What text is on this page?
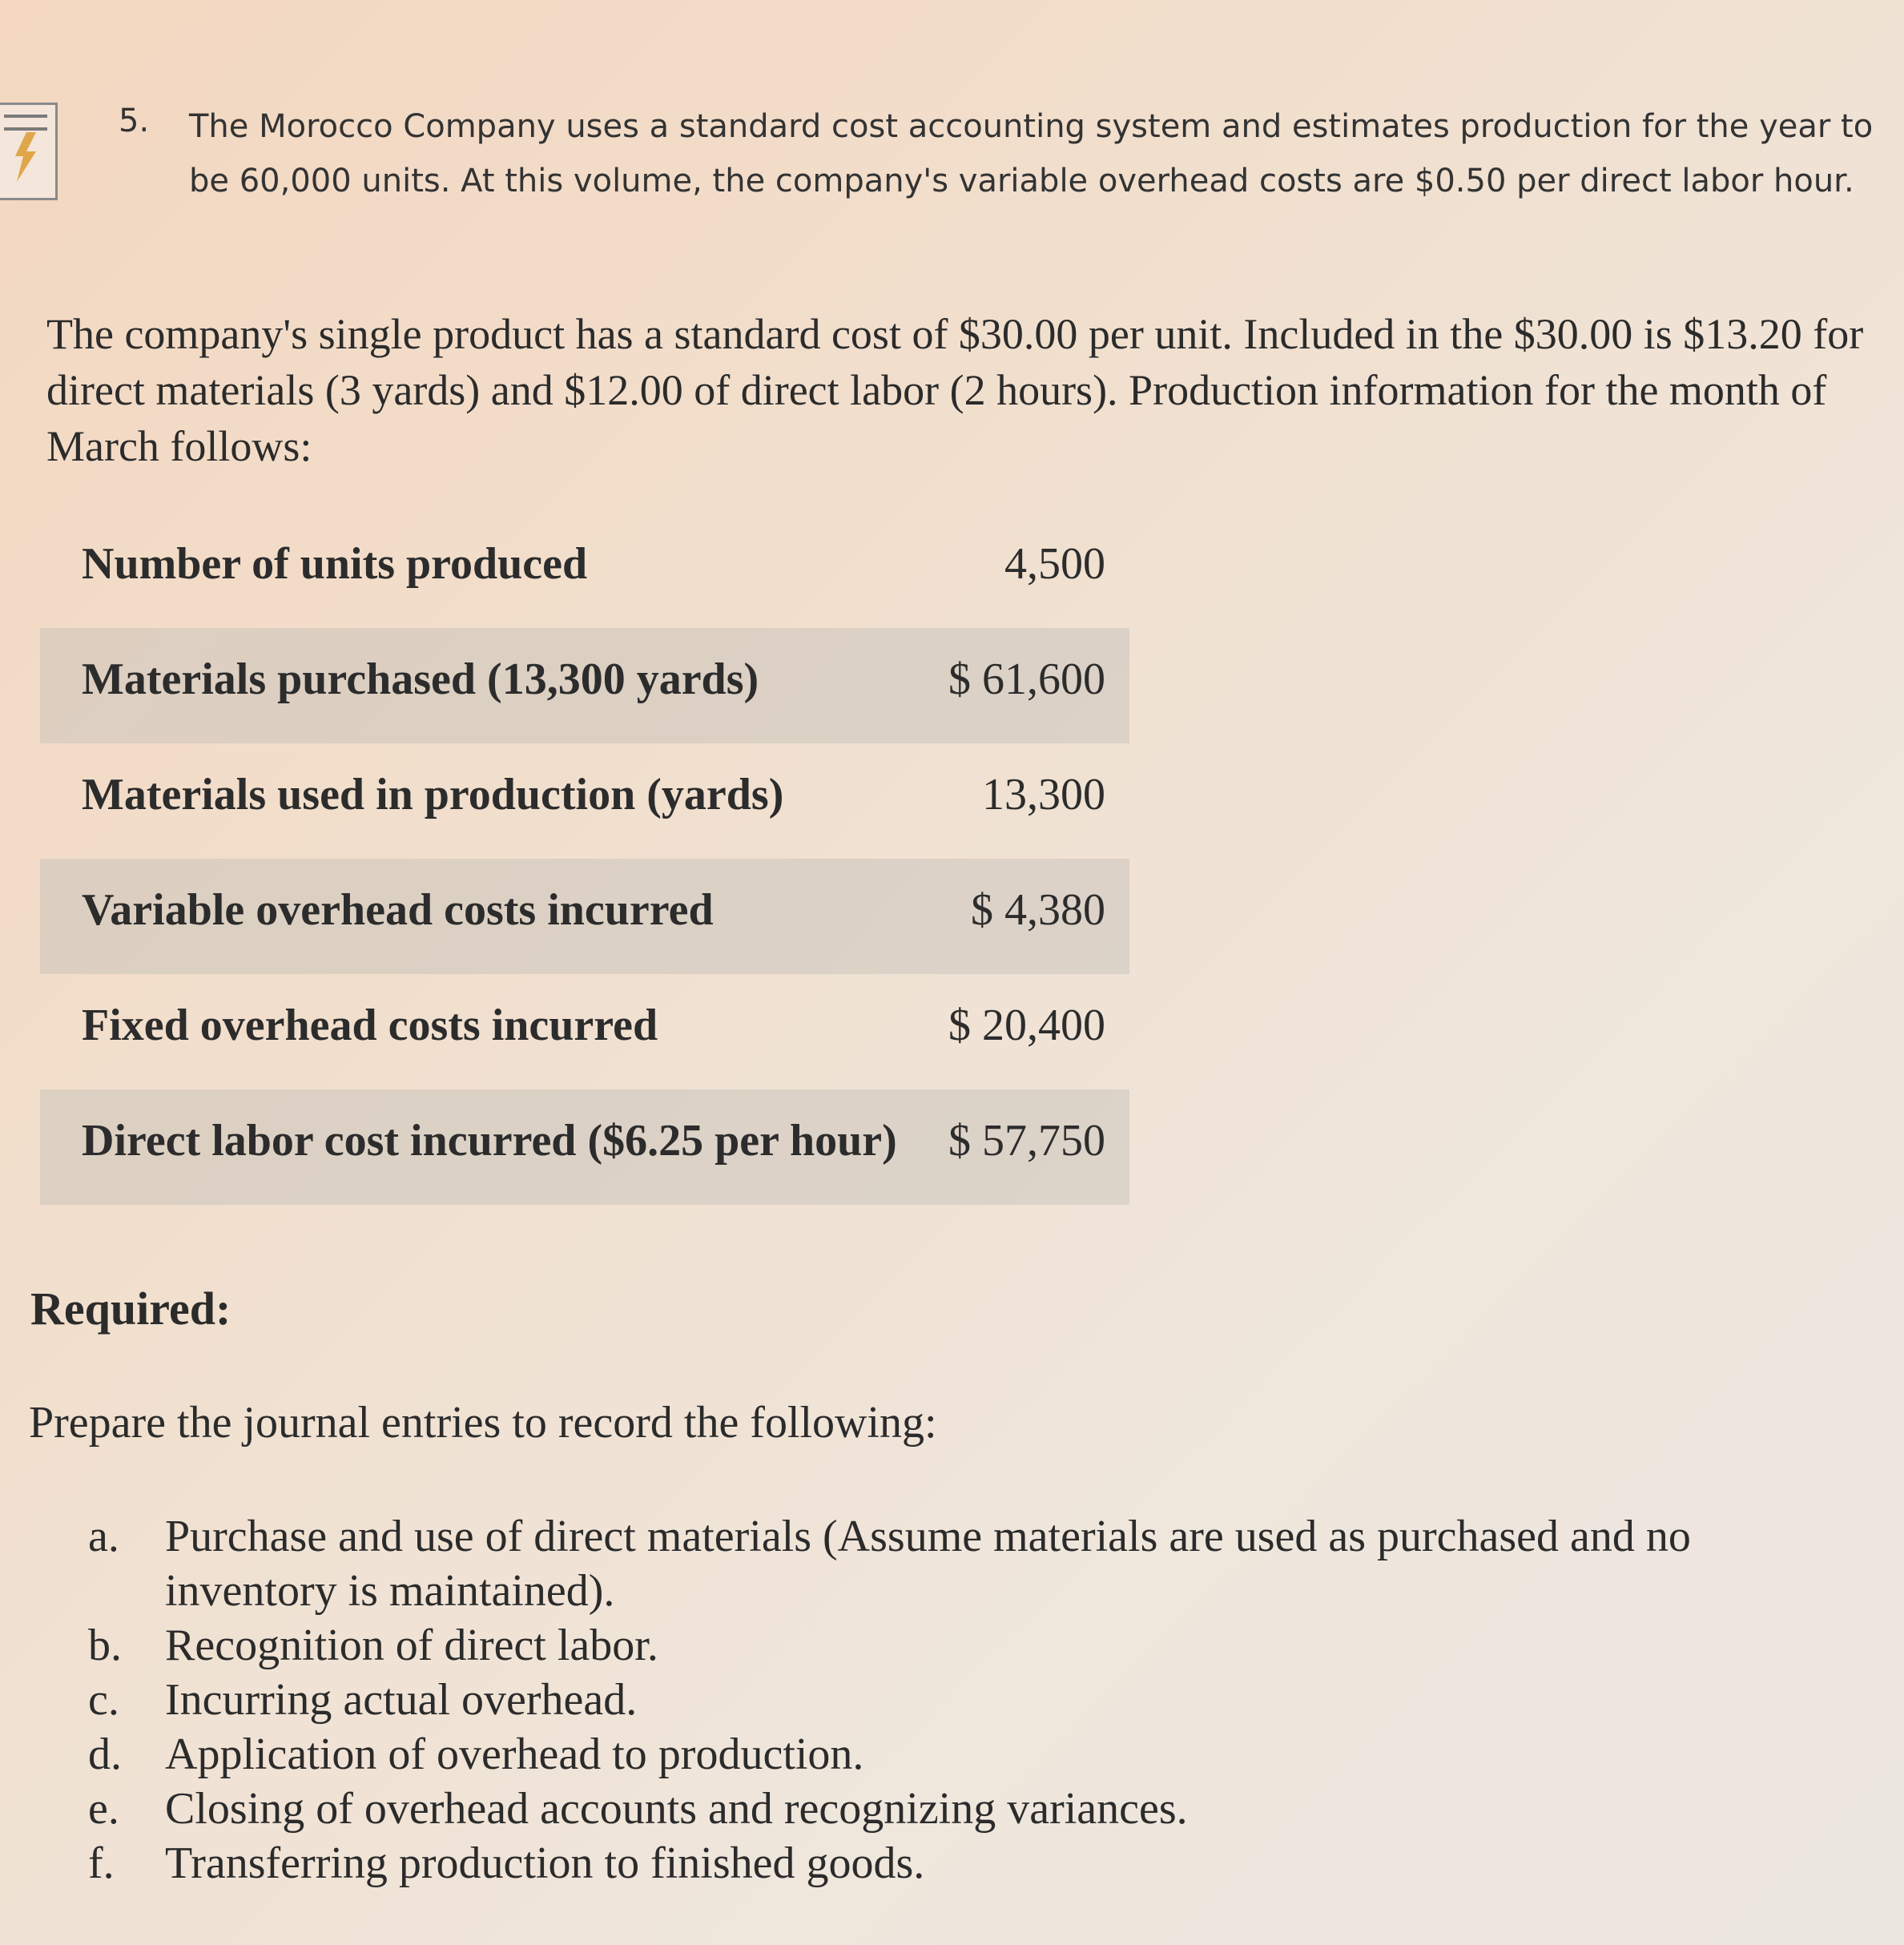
5. The Morocco Company uses a standard cost accounting system and estimates production for the year to be 60,000 units. At this volume, the company's variable overhead costs are $0.50 per direct labor hour.
The company's single product has a standard cost of $30.00 per unit. Included in the $30.00 is $13.20 for direct materials (3 yards) and $12.00 of direct labor (2 hours). Production information for the month of March follows:
Number of units produced	4,500
Materials purchased (13,300 yards)	$ 61,600
Materials used in production (yards)	13,300
Variable overhead costs incurred	$ 4,380
Fixed overhead costs incurred	$ 20,400
Direct labor cost incurred ($6.25 per hour) $ 57,750
Required:
Prepare the journal entries to record the following:
a. Purchase and use of direct materials (Assume materials are used as purchased and no inventory is maintained).
b. Recognition of direct labor.
c. Incurring actual overhead.
d. Application of overhead to production.
e. Closing of overhead accounts and recognizing variances.
f. Transferring production to finished goods.
